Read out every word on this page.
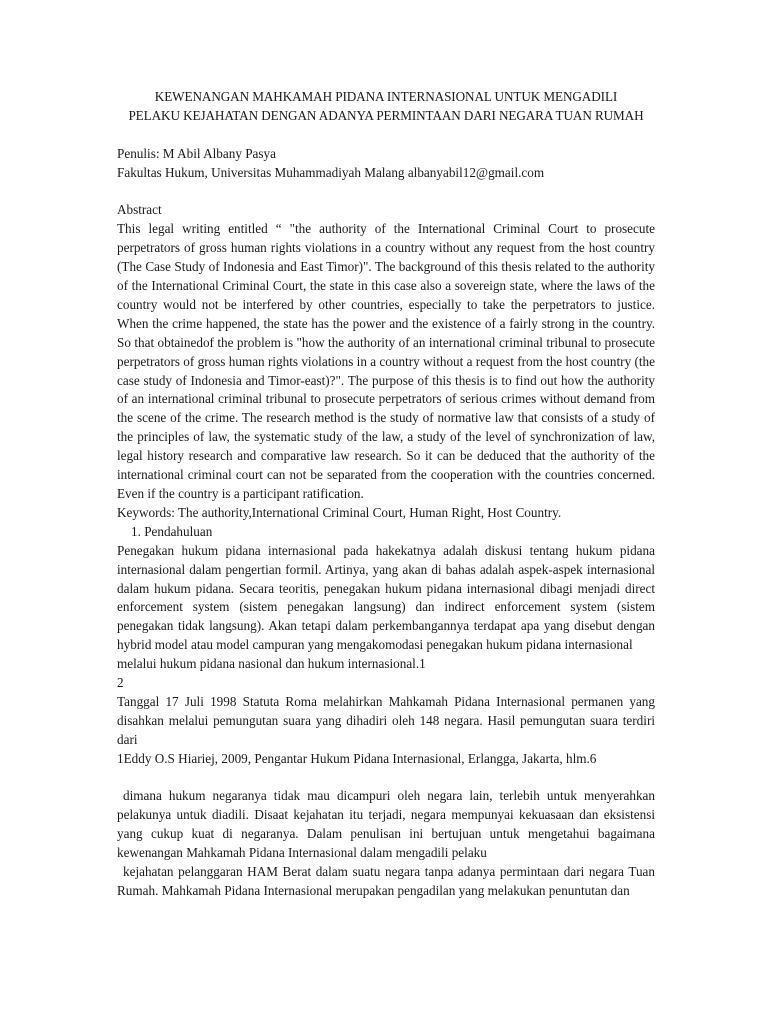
KEWENANGAN MAHKAMAH PIDANA INTERNASIONAL UNTUK MENGADILI

PELAKU KEJAHATAN DENGAN ADANYA PERMINTAAN DARI NEGARA TUAN RUMAH

Penulis: M Abil Albany Pasya

Fakultas Hukum, Universitas Muhammadiyah Malang albanyabil12@gmail.com

Abstract

This legal writing entitled “ "the authority of the International Criminal Court to prosecute perpetrators of gross human rights violations in a country without any request from the host country (The Case Study of Indonesia and East Timor)". The background of this thesis related to the authority of the International Criminal Court, the state in this case also a sovereign state, where the laws of the country would not be interfered by other countries, especially to take the perpetrators to justice. When the crime happened, the state has the power and the existence of a fairly strong in the country. So that obtainedof the problem is "how the authority of an international criminal tribunal to prosecute perpetrators of gross human rights violations in a country without a request from the host country (the case study of Indonesia and Timor-east)?". The purpose of this thesis is to find out how the authority of an international criminal tribunal to prosecute perpetrators of serious crimes without demand from the scene of the crime. The research method is the study of normative law that consists of a study of the principles of law, the systematic study of the law, a study of the level of synchronization of law, legal history research and comparative law research. So it can be deduced that the authority of the international criminal court can not be separated from the cooperation with the countries concerned. Even if the country is a participant ratification.

Keywords: The authority,International Criminal Court, Human Right, Host Country.

1. Pendahuluan

Penegakan hukum pidana internasional pada hakekatnya adalah diskusi tentang hukum pidana internasional dalam pengertian formil. Artinya, yang akan di bahas adalah aspek-aspek internasional dalam hukum pidana. Secara teoritis, penegakan hukum pidana internasional dibagi menjadi direct enforcement system (sistem penegakan langsung) dan indirect enforcement system (sistem penegakan tidak langsung). Akan tetapi dalam perkembangannya terdapat apa yang disebut dengan hybrid model atau model campuran yang mengakomodasi penegakan hukum pidana internasional

melalui hukum pidana nasional dan hukum internasional.1

2

Tanggal 17 Juli 1998 Statuta Roma melahirkan Mahkamah Pidana Internasional permanen yang disahkan melalui pemungutan suara yang dihadiri oleh 148 negara. Hasil pemungutan suara terdiri dari

1Eddy O.S Hiariej, 2009, Pengantar Hukum Pidana Internasional, Erlangga, Jakarta, hlm.6

dimana hukum negaranya tidak mau dicampuri oleh negara lain, terlebih untuk menyerahkan pelakunya untuk diadili. Disaat kejahatan itu terjadi, negara mempunyai kekuasaan dan eksistensi yang cukup kuat di negaranya. Dalam penulisan ini bertujuan untuk mengetahui bagaimana kewenangan Mahkamah Pidana Internasional dalam mengadili pelaku

kejahatan pelanggaran HAM Berat dalam suatu negara tanpa adanya permintaan dari negara Tuan Rumah. Mahkamah Pidana Internasional merupakan pengadilan yang melakukan penuntutan dan
